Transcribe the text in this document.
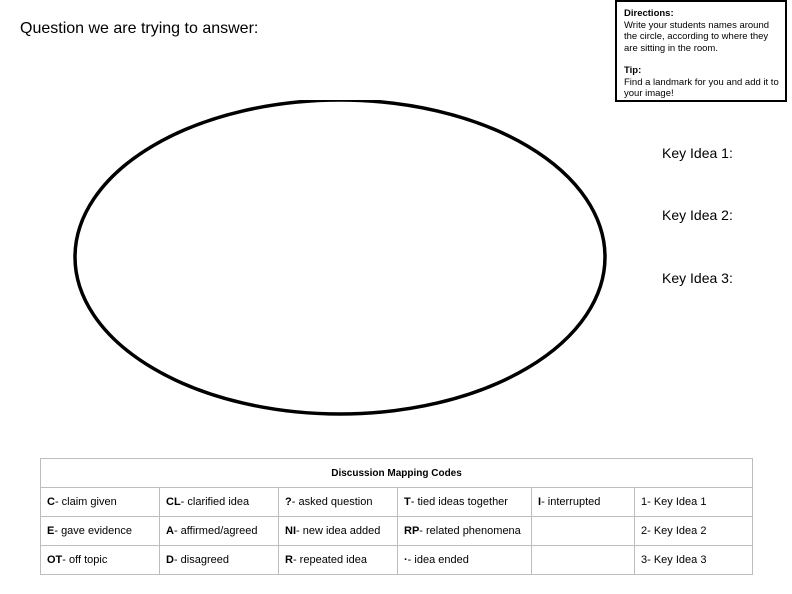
Question we are trying to answer:
Directions:

Write your students names around the circle, according to where they are sitting in the room.

Tip:

Find a landmark for you and add it to your image!

Key Idea 1:
Key Idea 2:
Key Idea 3:
Discussion Mapping Codes					
C- claim given	CL- clarified idea	?- asked question	T- tied ideas together	I- interrupted	1- Key Idea 1
E- gave evidence	A- affirmed/agreed	NI- new idea added	RP- related phenomena		2- Key Idea 2
OT- off topic	D- disagreed	R- repeated idea	·- idea ended		3- Key Idea 3
